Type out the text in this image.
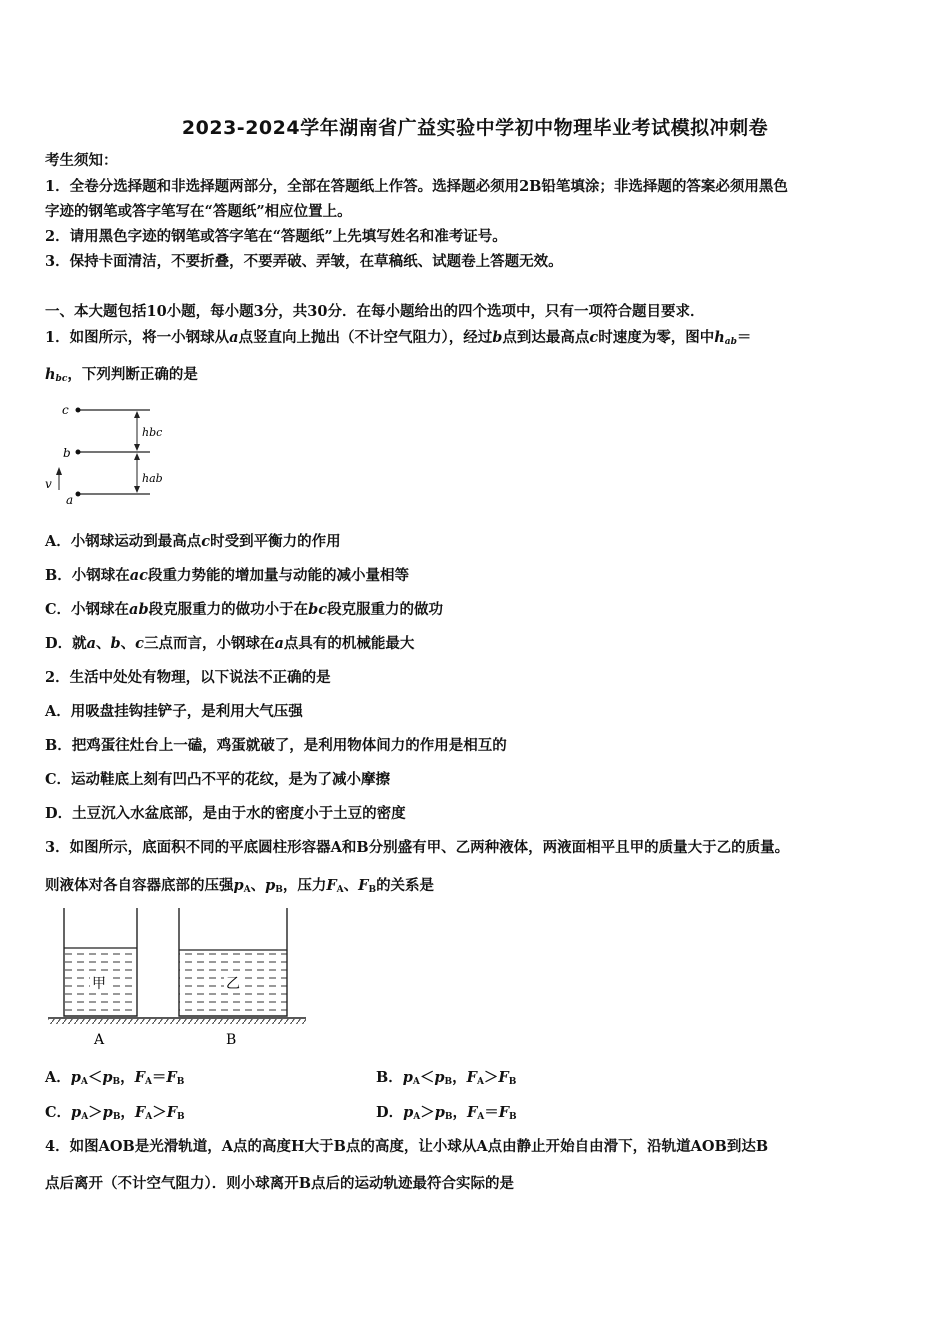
2023-2024学年湖南省广益实验中学初中物理毕业考试模拟冲刺卷
考生须知：
1．全卷分选择题和非选择题两部分，全部在答题纸上作答。选择题必须用2B铅笔填涂；非选择题的答案必须用黑色
字迹的钢笔或答字笔写在“答题纸”相应位置上。
2．请用黑色字迹的钢笔或答字笔在“答题纸”上先填写姓名和准考证号。
3．保持卡面清洁，不要折叠，不要弄破、弄皱，在草稿纸、试题卷上答题无效。
一、本大题包括10小题，每小题3分，共30分．在每小题给出的四个选项中，只有一项符合题目要求．
1．如图所示，将一小钢球从a点竖直向上抛出（不计空气阻力），经过b点到达最高点c时速度为零，图中$h_{ab}=$
$h_{bc}$，下列判断正确的是
c
b
a
v
hbc
hab
A．小钢球运动到最高点c时受到平衡力的作用
B．小钢球在ac段重力势能的增加量与动能的减小量相等
C．小钢球在ab段克服重力的做功小于在bc段克服重力的做功
D．就a、b、c三点而言，小钢球在a点具有的机械能最大
2．生活中处处有物理，以下说法不正确的是
A．用吸盘挂钩挂铲子，是利用大气压强
B．把鸡蛋往灶台上一磕，鸡蛋就破了，是利用物体间力的作用是相互的
C．运动鞋底上刻有凹凸不平的花纹，是为了减小摩擦
D．土豆沉入水盆底部，是由于水的密度小于土豆的密度
3．如图所示，底面积不同的平底圆柱形容器A和B分别盛有甲、乙两种液体，两液面相平且甲的质量大于乙的质量。
则液体对各自容器底部的压强$p_A$、$p_B$，压力$F_A$、$F_B$的关系是
甲	乙
A	B
A．$p_A<p_B$，$F_A=F_B$	B．$p_A<p_B$，$F_A>F_B$
C．$p_A>p_B$，$F_A>F_B$	D．$p_A>p_B$，$F_A=F_B$
4．如图AOB是光滑轨道，A点的高度H大于B点的高度，让小球从A点由静止开始自由滑下，沿轨道AOB到达B
点后离开（不计空气阻力）．则小球离开B点后的运动轨迹最符合实际的是
